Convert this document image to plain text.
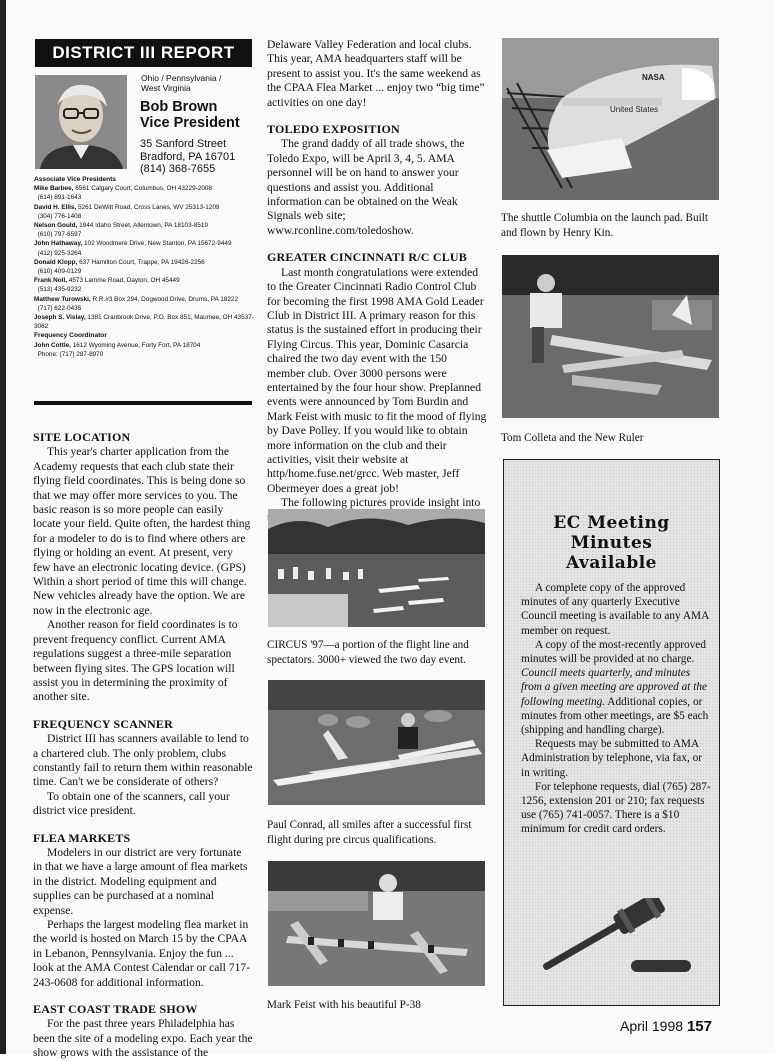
DISTRICT III REPORT
Ohio / Pennsylvania /
West Virginia
Bob Brown
Vice President
35 Sanford Street
Bradford, PA 16701
(814) 368-7655
Associate Vice Presidents
Mike Barbee, 6561 Calgary Court, Columbus, OH 43229-2008
(614) 891-1643
David H. Ellis, 5261 DeWitt Road, Cross Lanes, WV 25313-1209
(304) 776-1408
Nelson Gould, 1944 Idaho Street, Allentown, PA 18103-8519
(610) 797-6597
John Hathaway, 102 Woodmere Drive, New Stanton, PA 15672-9449
(412) 925-3264
Donald Klopp, 637 Hamilton Court, Trappe, PA 19426-2256
(610) 409-0129
Frank Noll, 4573 Lamme Road, Dayton, OH 45449
(513) 435-9232
Matthew Turowski, R.R.#3 Box 294, Dogwood Drive, Drums, PA 18222
(717) 622-0435
Joseph S. Vislay, 1381 Cranbrook Drive, P.O. Box 851, Maumee, OH 43537-3062
Frequency Coordinator
John Cottle, 1612 Wyoming Avenue, Forty Fort, PA 18704
Phone: (717) 287-8970
SITE LOCATION

This year's charter application from the Academy requests that each club state their flying field coordinates. This is being done so that we may offer more services to you. The basic reason is so more people can easily locate your field. Quite often, the hardest thing for a modeler to do is to find where others are flying or holding an event. At present, very few have an electronic locating device. (GPS) Within a short period of time this will change. New vehicles already have the option. We are now in the electronic age.

Another reason for field coordinates is to prevent frequency conflict. Current AMA regulations suggest a three-mile separation between flying sites. The GPS location will assist you in determining the proximity of another site.

FREQUENCY SCANNER

District III has scanners available to lend to a chartered club. The only problem, clubs constantly fail to return them within reasonable time. Can't we be considerate of others?

To obtain one of the scanners, call your district vice president.

FLEA MARKETS

Modelers in our district are very fortunate in that we have a large amount of flea markets in the district. Modeling equipment and supplies can be purchased at a nominal expense.

Perhaps the largest modeling flea market in the world is hosted on March 15 by the CPAA in Lebanon, Pennsylvania. Enjoy the fun ... look at the AMA Contest Calendar or call 717-243-0608 for additional information.

EAST COAST TRADE SHOW

For the past three years Philadelphia has been the site of a modeling expo. Each year the show grows with the assistance of the

Delaware Valley Federation and local clubs. This year, AMA headquarters staff will be present to assist you. It's the same weekend as the CPAA Flea Market ... enjoy two “big time” activities on one day!

TOLEDO EXPOSITION

The grand daddy of all trade shows, the Toledo Expo, will be April 3, 4, 5. AMA personnel will be on hand to answer your questions and assist you. Additional information can be obtained on the Weak Signals web site;

www.rconline.com/toledoshow.

GREATER CINCINNATI R/C CLUB

Last month congratulations were extended to the Greater Cincinnati Radio Control Club for becoming the first 1998 AMA Gold Leader Club in District III. A primary reason for this status is the sustained effort in producing their Flying Circus. This year, Dominic Casarcia chaired the two day event with the 150 member club. Over 3000 persons were entertained by the four hour show. Preplanned events were announced by Tom Burdin and Mark Feist with music to fit the mood of flying by Dave Polley. If you would like to obtain more information on the club and their activities, visit their website at http/home.fuse.net/grcc. Web master, Jeff Obermeyer does a great job!

The following pictures provide insight into

CIRCUS '97—a portion of the flight line and spectators. 3000+ viewed the two day event.
Paul Conrad, all smiles after a successful first flight during pre circus qualifications.
Mark Feist with his beautiful P-38
NASA
United States
The shuttle Columbia on the launch pad. Built and flown by Henry Kin.
Tom Colleta and the New Ruler
EC Meeting
Minutes
Available

A complete copy of the approved minutes of any quarterly Executive Council meeting is available to any AMA member on request.

A copy of the most-recently approved minutes will be provided at no charge. Council meets quarterly, and minutes from a given meeting are approved at the following meeting. Additional copies, or minutes from other meetings, are $5 each (shipping and handling charge).

Requests may be submitted to AMA Administration by telephone, via fax, or in writing.

For telephone requests, dial (765) 287-1256, extension 201 or 210; fax requests use (765) 741-0057. There is a $10 minimum for credit card orders.

April 1998 157
